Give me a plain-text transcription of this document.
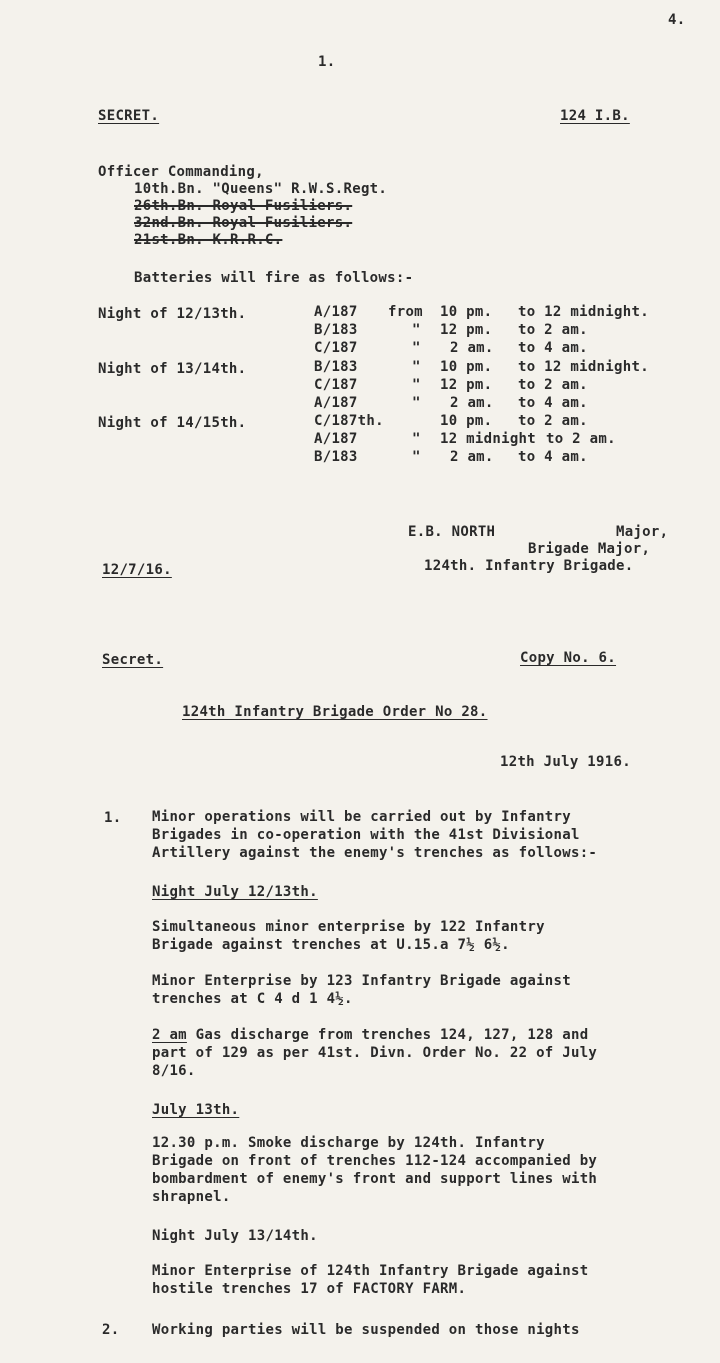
4.
1.
SECRET.	124 I.B.
Officer Commanding,
10th.Bn. "Queens" R.W.S.Regt.
26th.Bn. Royal Fusiliers.
32nd.Bn. Royal Fusiliers.
21st.Bn. K.R.R.C.
Batteries will fire as follows:-
Night of 12/13th.	A/187 from 10 pm. to 12 midnight.
B/183	" 12 pm. to 2 am.
C/187	" 2 am. to 4 am.
Night of 13/14th.	B/183	" 10 pm. to 12 midnight.
C/187	" 12 pm. to 2 am.
A/187	" 2 am. to 4 am.
Night of 14/15th.	C/187th.	10 pm. to 2 am.
A/187	" 12 midnight to 2 am.
B/183	" 2 am. to 4 am.
E.B. NORTH	Major,
Brigade Major,
124th. Infantry Brigade.
12/7/16.
Secret.	Copy No. 6.
124th Infantry Brigade Order No 28.
12th July 1916.
1. Minor operations will be carried out by Infantry
Brigades in co-operation with the 41st Divisional
Artillery against the enemy's trenches as follows:-
Night July 12/13th.
Simultaneous minor enterprise by 122 Infantry
Brigade against trenches at U.15.a 7½ 6½.
Minor Enterprise by 123 Infantry Brigade against
trenches at C 4 d 1 4½.
2 am Gas discharge from trenches 124, 127, 128 and
part of 129 as per 41st. Divn. Order No. 22 of July
8/16.
July 13th.
12.30 p.m. Smoke discharge by 124th. Infantry
Brigade on front of trenches 112-124 accompanied by
bombardment of enemy's front and support lines with
shrapnel.
Night July 13/14th.
Minor Enterprise of 124th Infantry Brigade against
hostile trenches 17 of FACTORY FARM.
2. Working parties will be suspended on those nights
